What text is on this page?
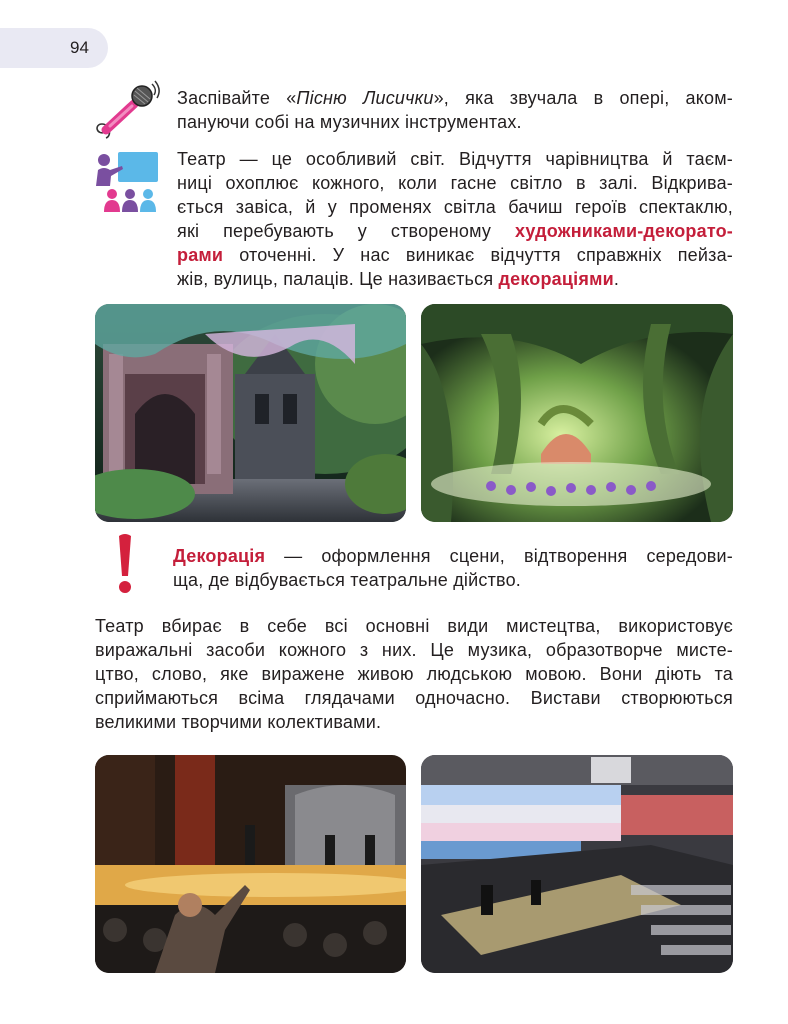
94
Заспівайте «Пісню Лисички», яка звучала в опері, аком-
пануючи собі на музичних інструментах.
Театр — це особливий світ. Відчуття чарівництва й таєм-
ниці охоплює кожного, коли гасне світло в залі. Відкрива-
ється завіса, й у променях світла бачиш героїв спектаклю,
які перебувають у створеному художниками-декорато-
рами оточенні. У нас виникає відчуття справжніх пейза-
жів, вулиць, палаців. Це називається декораціями.
Декорація — оформлення сцени, відтворення середови-
ща, де відбувається театральне дійство.
Театр вбирає в себе всі основні види мистецтва, використовує
виражальні засоби кожного з них. Це музика, образотворче мисте-
цтво, слово, яке виражене живою людською мовою. Вони діють та
сприймаються всіма глядачами одночасно. Вистави створюються
великими творчими колективами.
